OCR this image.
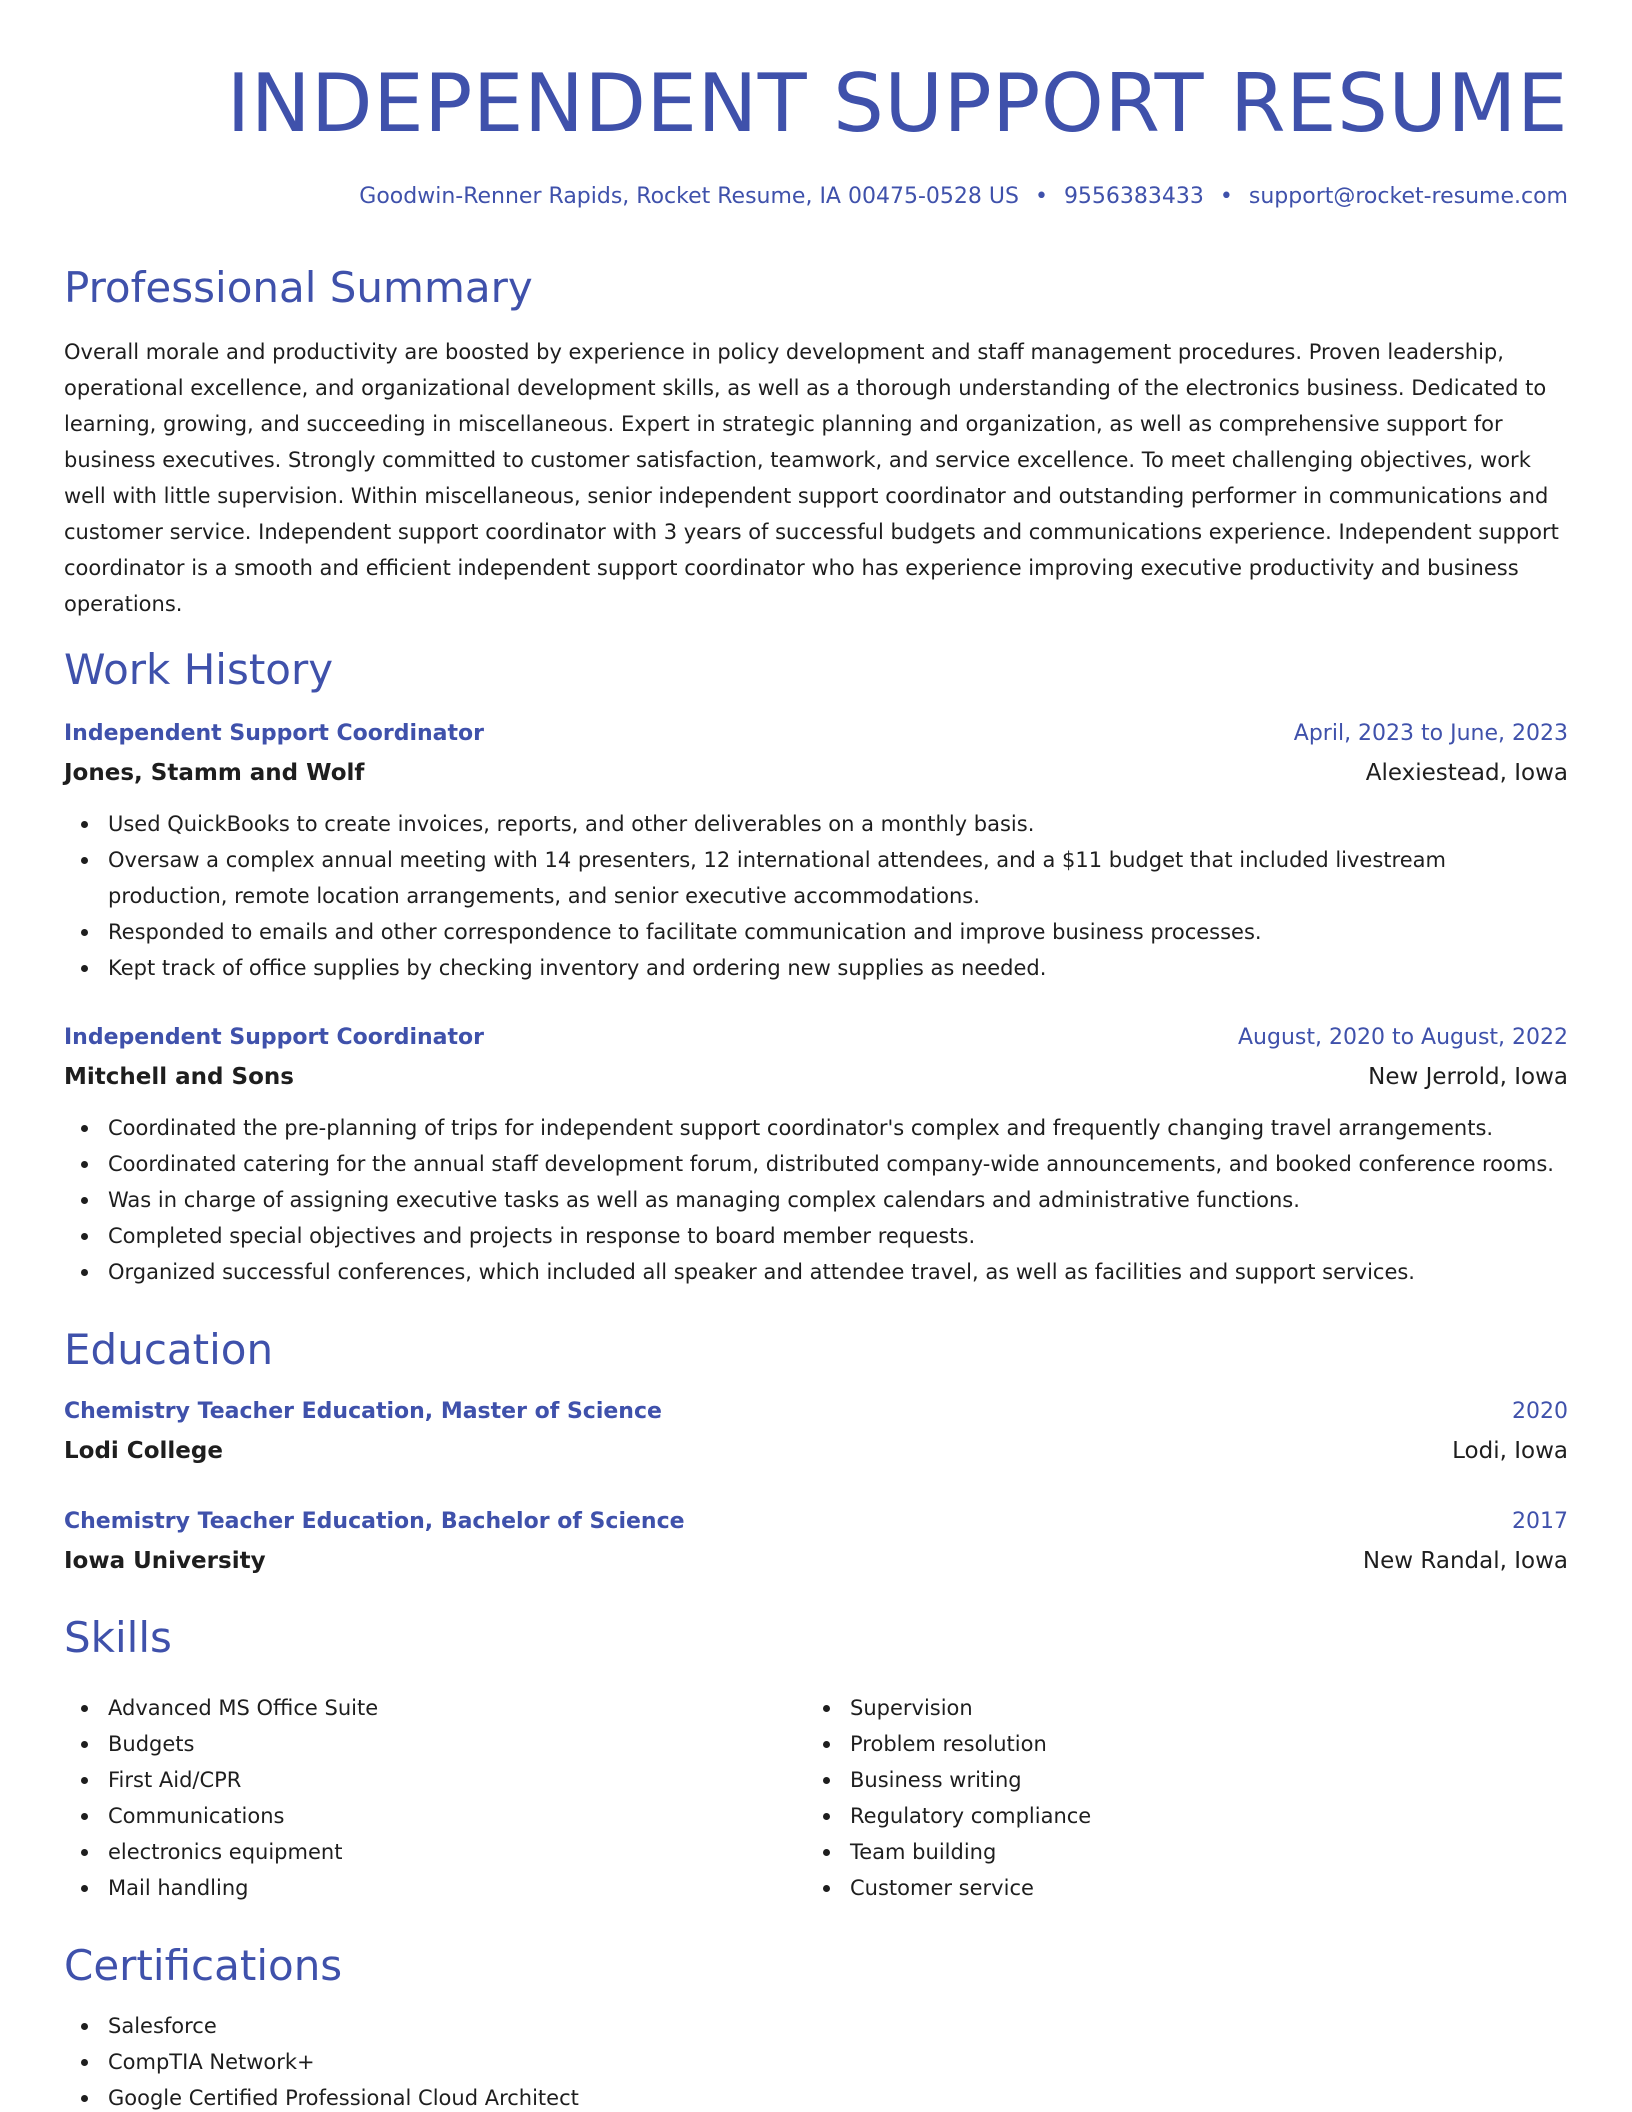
INDEPENDENT SUPPORT RESUME
Goodwin-Renner Rapids, Rocket Resume, IA 00475-0528 US • 9556383433 • support@rocket-resume.com
Professional Summary

Overall morale and productivity are boosted by experience in policy development and staff management procedures. Proven leadership, operational excellence, and organizational development skills, as well as a thorough understanding of the electronics business. Dedicated to learning, growing, and succeeding in miscellaneous. Expert in strategic planning and organization, as well as comprehensive support for business executives. Strongly committed to customer satisfaction, teamwork, and service excellence. To meet challenging objectives, work well with little supervision. Within miscellaneous, senior independent support coordinator and outstanding performer in communications and customer service. Independent support coordinator with 3 years of successful budgets and communications experience. Independent support coordinator is a smooth and efficient independent support coordinator who has experience improving executive productivity and business operations.

Work History
Independent Support Coordinator	April, 2023 to June, 2023
Jones, Stamm and Wolf	Alexiestead, Iowa
Used QuickBooks to create invoices, reports, and other deliverables on a monthly basis.
Oversaw a complex annual meeting with 14 presenters, 12 international attendees, and a $11 budget that included livestream production, remote location arrangements, and senior executive accommodations.
Responded to emails and other correspondence to facilitate communication and improve business processes.
Kept track of office supplies by checking inventory and ordering new supplies as needed.
Independent Support Coordinator	August, 2020 to August, 2022
Mitchell and Sons	New Jerrold, Iowa
Coordinated the pre-planning of trips for independent support coordinator's complex and frequently changing travel arrangements.
Coordinated catering for the annual staff development forum, distributed company-wide announcements, and booked conference rooms.
Was in charge of assigning executive tasks as well as managing complex calendars and administrative functions.
Completed special objectives and projects in response to board member requests.
Organized successful conferences, which included all speaker and attendee travel, as well as facilities and support services.
Education
Chemistry Teacher Education, Master of Science	2020
Lodi College	Lodi, Iowa
Chemistry Teacher Education, Bachelor of Science	2017
Iowa University	New Randal, Iowa
Skills
Advanced MS Office Suite
Budgets
First Aid/CPR
Communications
electronics equipment
Mail handling
Supervision
Problem resolution
Business writing
Regulatory compliance
Team building
Customer service
Certifications
Salesforce
CompTIA Network+
Google Certified Professional Cloud Architect
